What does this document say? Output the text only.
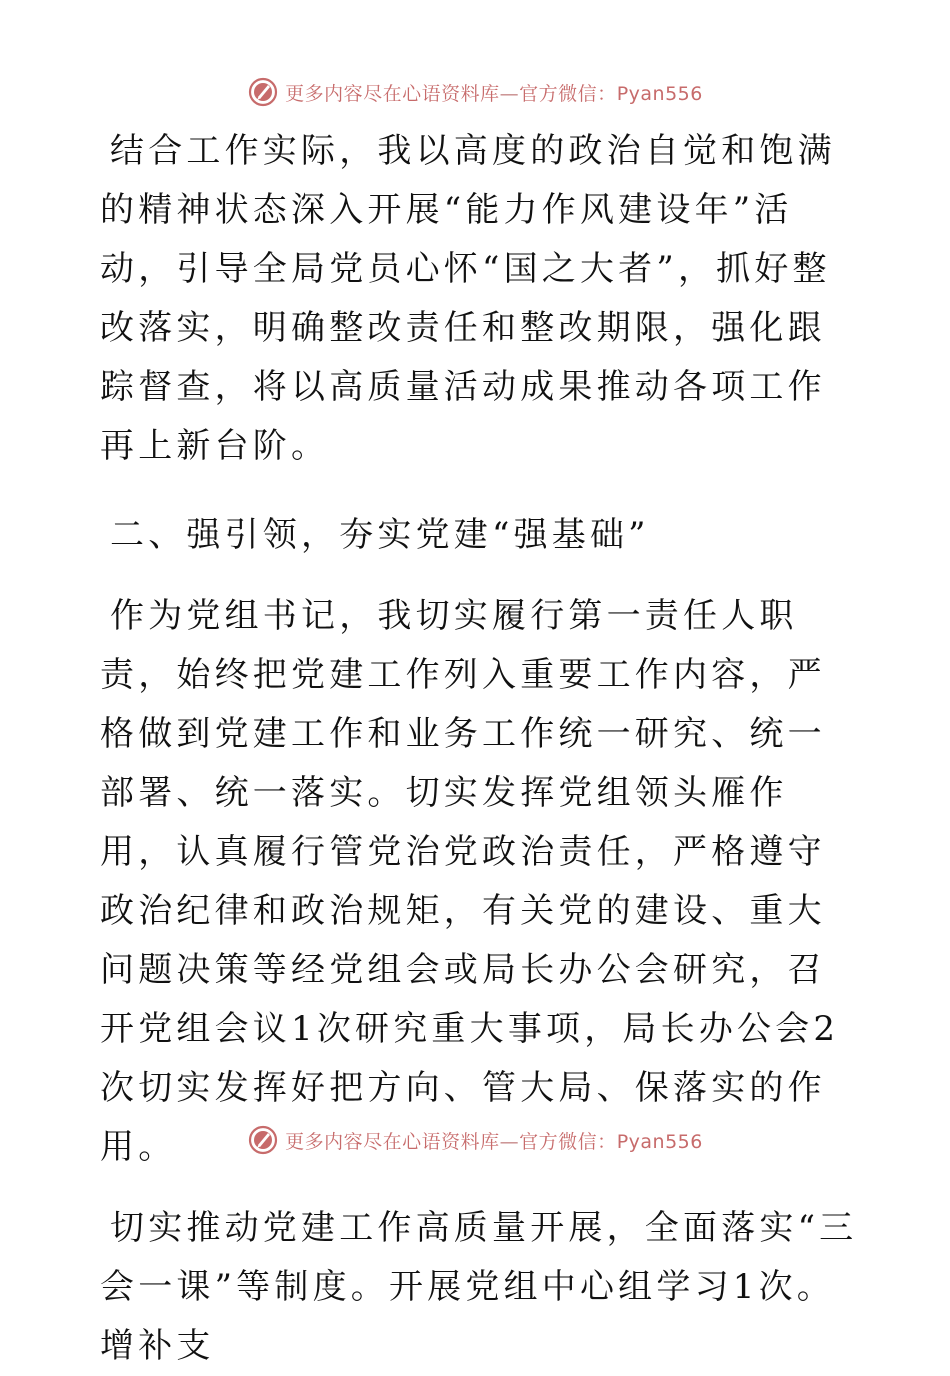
更多内容尽在心语资料库—官方微信：Pyan556

结合工作实际，我以高度的政治自觉和饱满的精神状态深入开展“能力作风建设年”活动，引导全局党员心怀“国之大者”，抓好整改落实，明确整改责任和整改期限，强化跟踪督查，将以高质量活动成果推动各项工作再上新台阶。

二、强引领，夯实党建“强基础”

作为党组书记，我切实履行第一责任人职责，始终把党建工作列入重要工作内容，严格做到党建工作和业务工作统一研究、统一部署、统一落实。切实发挥党组领头雁作用，认真履行管党治党政治责任，严格遵守政治纪律和政治规矩，有关党的建设、重大问题决策等经党组会或局长办公会研究，召开党组会议1次研究重大事项，局长办公会2次切实发挥好把方向、管大局、保落实的作用。

切实推动党建工作高质量开展，全面落实“三会一课”等制度。开展党组中心组学习1次。增补支

更多内容尽在心语资料库—官方微信：Pyan556
